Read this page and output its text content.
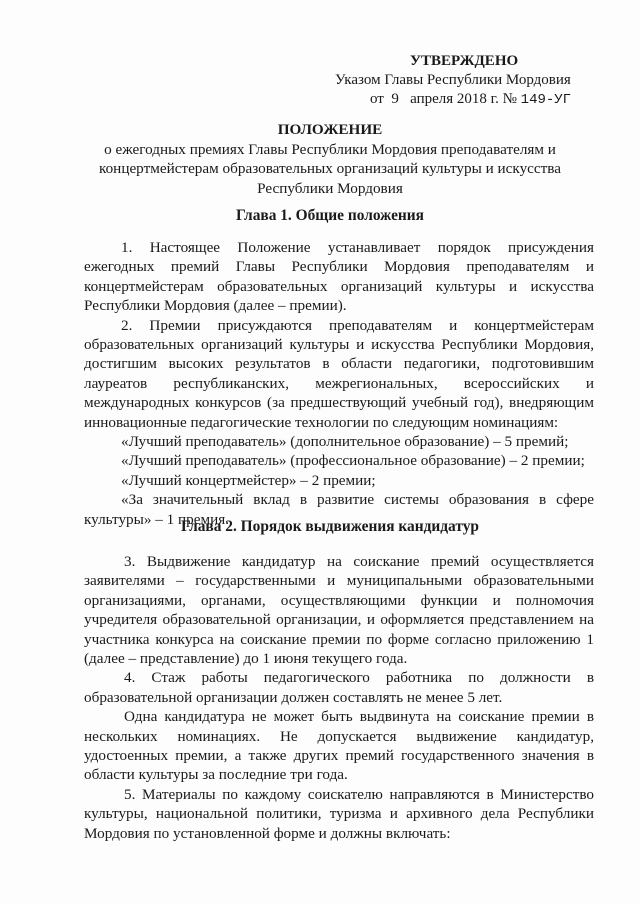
УТВЕРЖДЕНО
Указом Главы Республики Мордовия
от 9 апреля 2018 г. № 149-УГ
ПОЛОЖЕНИЕ
о ежегодных премиях Главы Республики Мордовия преподавателям и
концертмейстерам образовательных организаций культуры и искусства
Республики Мордовия
Глава 1. Общие положения

1. Настоящее Положение устанавливает порядок присуждения ежегодных премий Главы Республики Мордовия преподавателям и концертмейстерам образовательных организаций культуры и искусства Республики Мордовия (далее – премии).

2. Премии присуждаются преподавателям и концертмейстерам образовательных организаций культуры и искусства Республики Мордовия, достигшим высоких результатов в области педагогики, подготовившим лауреатов республиканских, межрегиональных, всероссийских и международных конкурсов (за предшествующий учебный год), внедряющим инновационные педагогические технологии по следующим номинациям:

«Лучший преподаватель» (дополнительное образование) – 5 премий;

«Лучший преподаватель» (профессиональное образование) – 2 премии;

«Лучший концертмейстер» – 2 премии;

«За значительный вклад в развитие системы образования в сфере культуры» – 1 премия.

Глава 2. Порядок выдвижения кандидатур

3. Выдвижение кандидатур на соискание премий осуществляется заявителями – государственными и муниципальными образовательными организациями, органами, осуществляющими функции и полномочия учредителя образовательной организации, и оформляется представлением на участника конкурса на соискание премии по форме согласно приложению 1 (далее – представление) до 1 июня текущего года.

4. Стаж работы педагогического работника по должности в образовательной организации должен составлять не менее 5 лет.

Одна кандидатура не может быть выдвинута на соискание премии в нескольких номинациях. Не допускается выдвижение кандидатур, удостоенных премии, а также других премий государственного значения в области культуры за последние три года.

5. Материалы по каждому соискателю направляются в Министерство культуры, национальной политики, туризма и архивного дела Республики Мордовия по установленной форме и должны включать:
